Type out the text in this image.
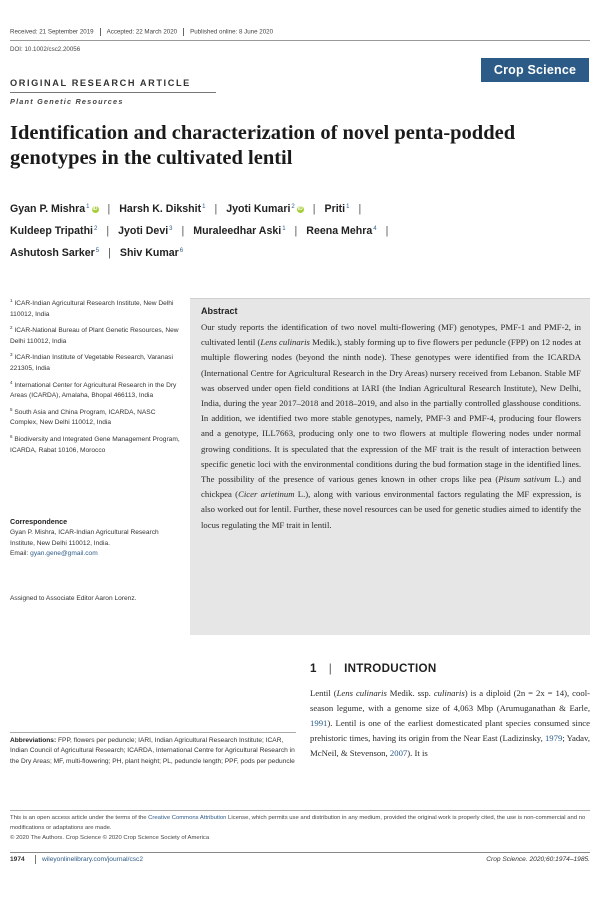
Received: 21 September 2019 Accepted: 22 March 2020 Published online: 8 June 2020
DOI: 10.1002/csc2.20056
Crop Science
ORIGINAL RESEARCH ARTICLE
Plant Genetic Resources
Identification and characterization of novel penta-podded genotypes in the cultivated lentil
Gyan P. Mishra$^1$ iD | Harsh K. Dikshit$^1$ | Jyoti Kumari$^2$ iD | Priti$^1$ |
Kuldeep Tripathi$^2$ | Jyoti Devi$^3$ | Muraleedhar Aski$^1$ | Reena Mehra$^4$ |
Ashutosh Sarker$^5$ | Shiv Kumar$^6$
$^1$ ICAR-Indian Agricultural Research Institute, New Delhi 110012, India
$^2$ ICAR-National Bureau of Plant Genetic Resources, New Delhi 110012, India
$^3$ ICAR-Indian Institute of Vegetable Research, Varanasi 221305, India
$^4$ International Center for Agricultural Research in the Dry Areas (ICARDA), Amalaha, Bhopal 466113, India
$^5$ South Asia and China Program, ICARDA, NASC Complex, New Delhi 110012, India
$^6$ Biodiversity and Integrated Gene Management Program, ICARDA, Rabat 10106, Morocco
Correspondence
Gyan P. Mishra, ICAR-Indian Agricultural Research Institute, New Delhi 110012, India.
Email: gyan.gene@gmail.com
Assigned to Associate Editor Aaron Lorenz.
Abstract

Our study reports the identification of two novel multi-flowering (MF) genotypes, PMF-1 and PMF-2, in cultivated lentil (Lens culinaris Medik.), stably forming up to five flowers per peduncle (FPP) on 12 nodes at multiple flowering nodes (beyond the ninth node). These genotypes were identified from the ICARDA (International Centre for Agricultural Research in the Dry Areas) nursery received from Lebanon. Stable MF was observed under open field conditions at IARI (the Indian Agricultural Research Institute), New Delhi, India, during the year 2017–2018 and 2018–2019, and also in the partially controlled glasshouse conditions. In addition, we identified two more stable genotypes, namely, PMF-3 and PMF-4, producing four flowers and a genotype, ILL7663, producing only one to two flowers at multiple flowering nodes under normal growing conditions. It is speculated that the expression of the MF trait is the result of interaction between specific genetic loci with the environmental conditions during the bud formation stage in the identified lines. The possibility of the presence of various genes known in other crops like pea (Pisum sativum L.) and chickpea (Cicer arietinum L.), along with various environmental factors regulating the MF expression, is also worked out for lentil. Further, these novel resources can be used for genetic studies aimed to identify the locus regulating the MF trait in lentil.

1 | INTRODUCTION

Lentil (Lens culinaris Medik. ssp. culinaris) is a diploid (2n = 2x = 14), cool-season legume, with a genome size of 4,063 Mbp (Arumuganathan & Earle, 1991). Lentil is one of the earliest domesticated plant species consumed since prehistoric times, having its origin from the Near East (Ladizinsky, 1979; Yadav, McNeil, & Stevenson, 2007). It is

Abbreviations: FPP, flowers per peduncle; IARI, Indian Agricultural Research Institute; ICAR, Indian Council of Agricultural Research; ICARDA, International Centre for Agricultural Research in the Dry Areas; MF, multi-flowering; PH, plant height; PL, peduncle length; PPF, pods per peduncle
This is an open access article under the terms of the Creative Commons Attribution License, which permits use and distribution in any medium, provided the original work is properly cited, the use is non-commercial and no modifications or adaptations are made.
© 2020 The Authors. Crop Science © 2020 Crop Science Society of America
1974	wileyonlinelibrary.com/journal/csc2	Crop Science. 2020;60:1974–1985.
